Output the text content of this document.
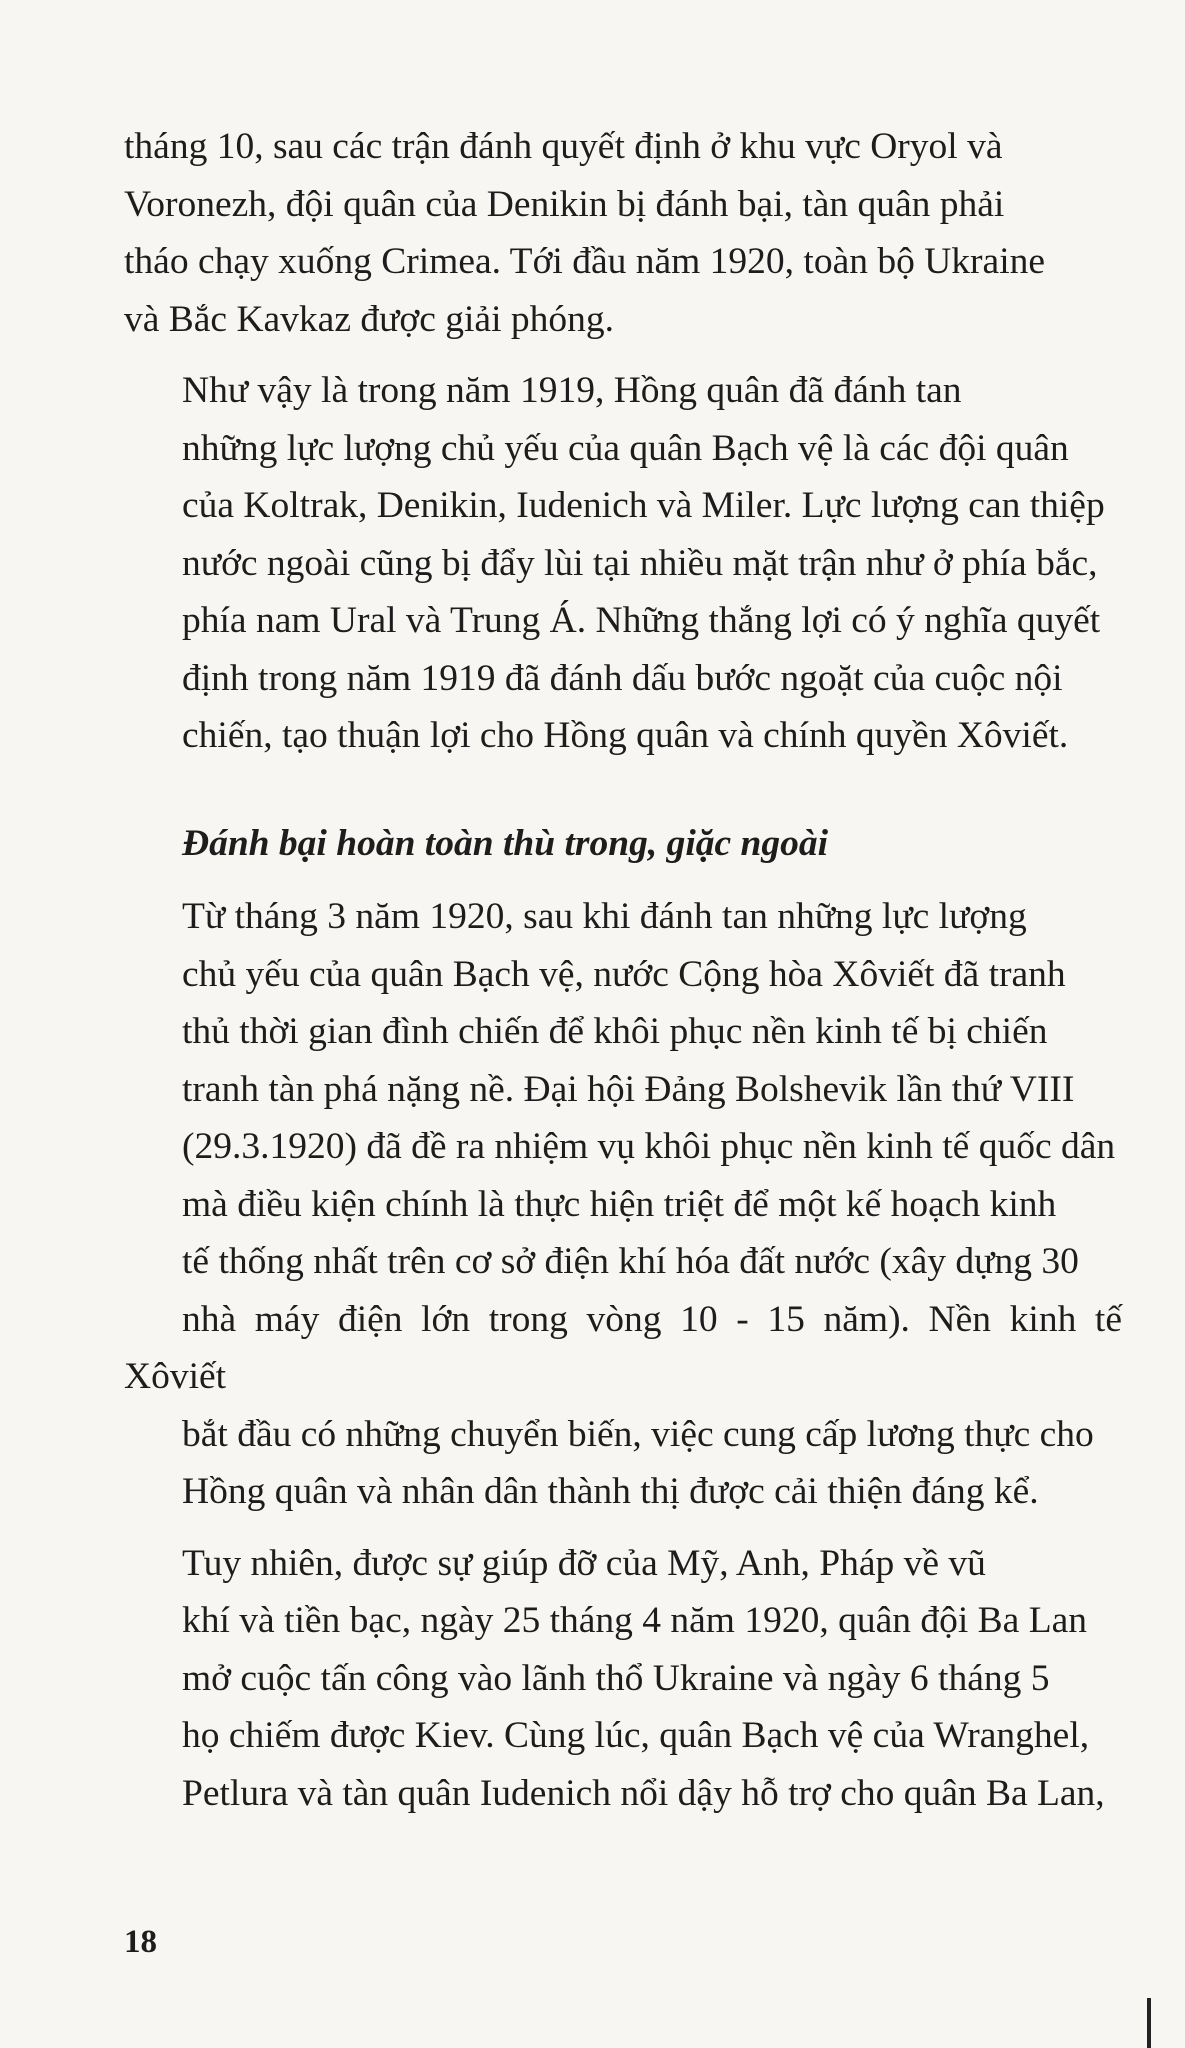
tháng 10, sau các trận đánh quyết định ở khu vực Oryol và
Voronezh, đội quân của Denikin bị đánh bại, tàn quân phải
tháo chạy xuống Crimea. Tới đầu năm 1920, toàn bộ Ukraine
và Bắc Kavkaz được giải phóng.
Như vậy là trong năm 1919, Hồng quân đã đánh tan
những lực lượng chủ yếu của quân Bạch vệ là các đội quân
của Koltrak, Denikin, Iudenich và Miler. Lực lượng can thiệp
nước ngoài cũng bị đẩy lùi tại nhiều mặt trận như ở phía bắc,
phía nam Ural và Trung Á. Những thắng lợi có ý nghĩa quyết
định trong năm 1919 đã đánh dấu bước ngoặt của cuộc nội
chiến, tạo thuận lợi cho Hồng quân và chính quyền Xôviết.
Đánh bại hoàn toàn thù trong, giặc ngoài
Từ tháng 3 năm 1920, sau khi đánh tan những lực lượng
chủ yếu của quân Bạch vệ, nước Cộng hòa Xôviết đã tranh
thủ thời gian đình chiến để khôi phục nền kinh tế bị chiến
tranh tàn phá nặng nề. Đại hội Đảng Bolshevik lần thứ VIII
(29.3.1920) đã đề ra nhiệm vụ khôi phục nền kinh tế quốc dân
mà điều kiện chính là thực hiện triệt để một kế hoạch kinh
tế thống nhất trên cơ sở điện khí hóa đất nước (xây dựng 30
nhà máy điện lớn trong vòng 10 - 15 năm). Nền kinh tế Xôviết
bắt đầu có những chuyển biến, việc cung cấp lương thực cho
Hồng quân và nhân dân thành thị được cải thiện đáng kể.
Tuy nhiên, được sự giúp đỡ của Mỹ, Anh, Pháp về vũ
khí và tiền bạc, ngày 25 tháng 4 năm 1920, quân đội Ba Lan
mở cuộc tấn công vào lãnh thổ Ukraine và ngày 6 tháng 5
họ chiếm được Kiev. Cùng lúc, quân Bạch vệ của Wranghel,
Petlura và tàn quân Iudenich nổi dậy hỗ trợ cho quân Ba Lan,
18
